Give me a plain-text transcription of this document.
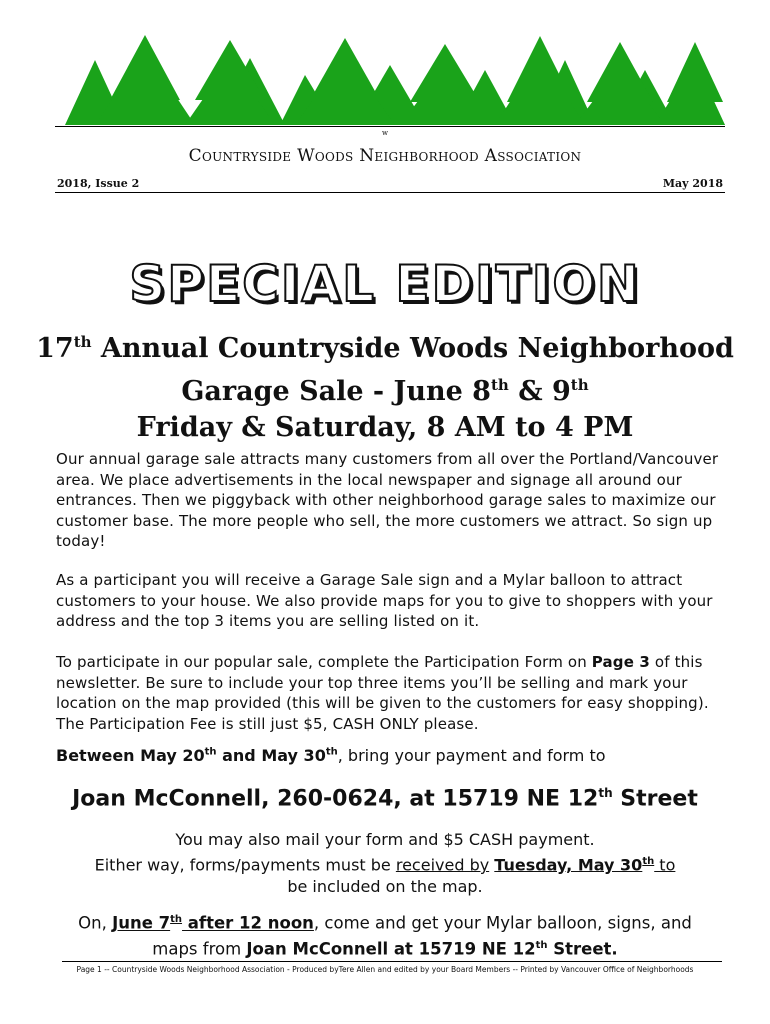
w
Countryside Woods Neighborhood Association
2018, Issue 2	May 2018
SPECIAL EDITION
17th Annual Countryside Woods Neighborhood
Garage Sale - June 8th & 9th
Friday & Saturday, 8 AM to 4 PM
Our annual garage sale attracts many customers from all over the Portland/Vancouver area. We place advertisements in the local newspaper and signage all around our entrances. Then we piggyback with other neighborhood garage sales to maximize our customer base. The more people who sell, the more customers we attract. So sign up today!
As a participant you will receive a Garage Sale sign and a Mylar balloon to attract customers to your house. We also provide maps for you to give to shoppers with your address and the top 3 items you are selling listed on it.
To participate in our popular sale, complete the Participation Form on Page 3 of this newsletter. Be sure to include your top three items you’ll be selling and mark your location on the map provided (this will be given to the customers for easy shopping). The Participation Fee is still just $5, CASH ONLY please.
Between May 20th and May 30th, bring your payment and form to
Joan McConnell, 260-0624, at 15719 NE 12th Street
You may also mail your form and $5 CASH payment.
Either way, forms/payments must be received by Tuesday, May 30th to
be included on the map.
On, June 7th after 12 noon, come and get your Mylar balloon, signs, and
maps from Joan McConnell at 15719 NE 12th Street.
Page 1 -- Countryside Woods Neighborhood Association - Produced byTere Allen and edited by your Board Members -- Printed by Vancouver Office of Neighborhoods
